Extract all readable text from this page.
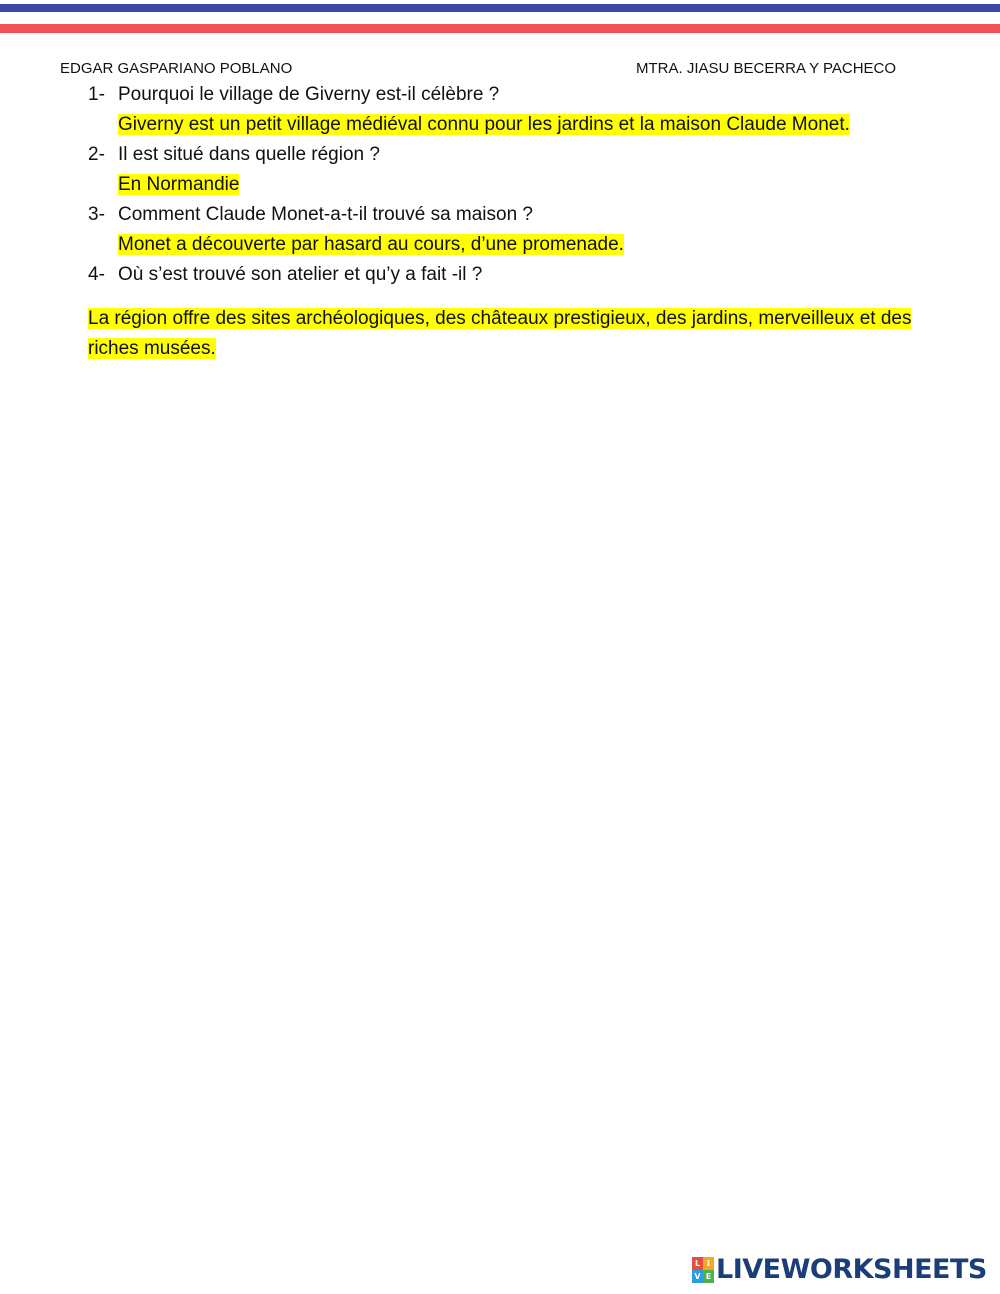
EDGAR GASPARIANO POBLANO	MTRA. JIASU BECERRA Y PACHECO
1- Pourquoi le village de Giverny est-il célèbre ?
Giverny est un petit village médiéval connu pour les jardins et la maison Claude Monet.
2- Il est situé dans quelle région ?
En Normandie
3- Comment Claude Monet-a-t-il trouvé sa maison ?
Monet a découverte par hasard au cours, d’une promenade.
4- Où s’est trouvé son atelier et qu’y a fait -il ?
La région offre des sites archéologiques, des châteaux prestigieux, des jardins, merveilleux et des riches musées.
L I
V E LIVEWORKSHEETS
